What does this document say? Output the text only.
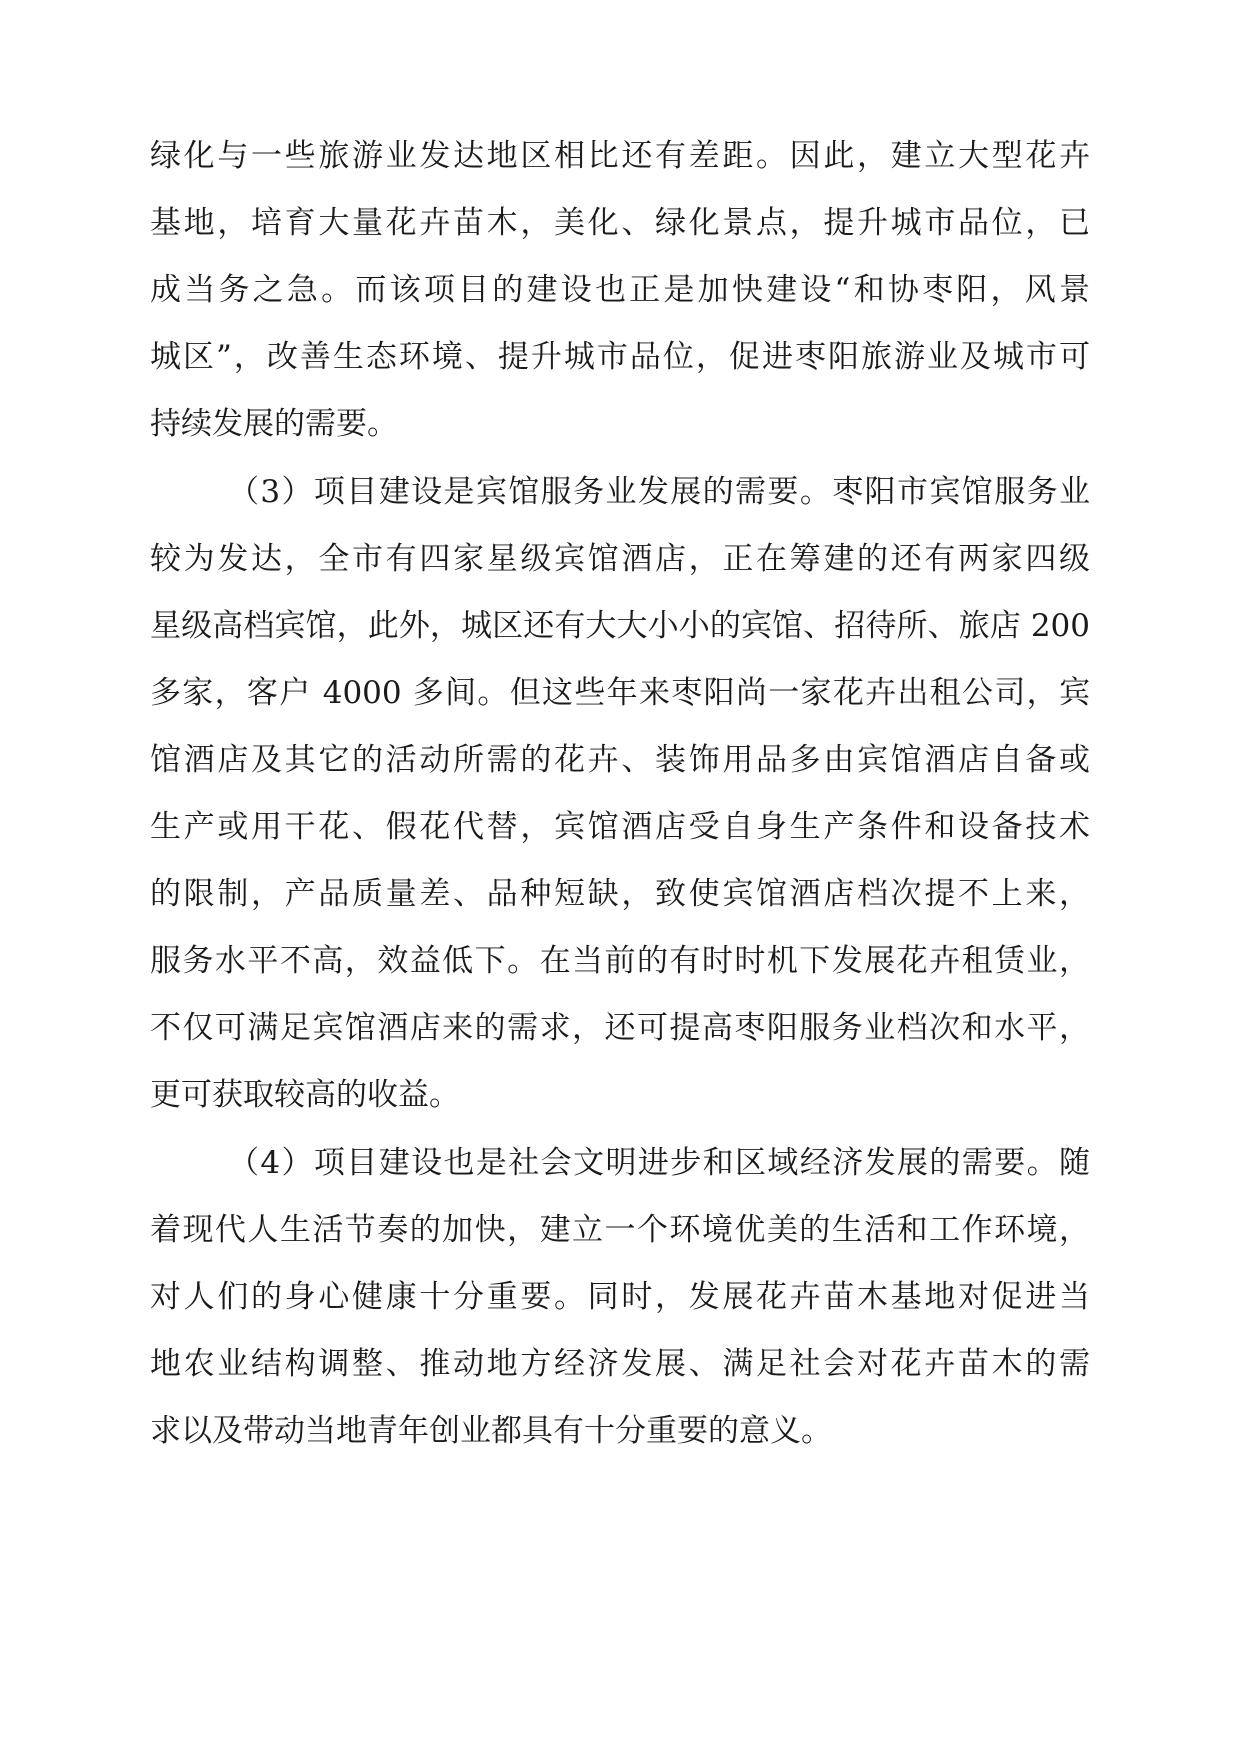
绿化与一些旅游业发达地区相比还有差距。因此，建立大型花卉
基地，培育大量花卉苗木，美化、绿化景点，提升城市品位，已
成当务之急。而该项目的建设也正是加快建设“和协枣阳，风景
城区”，改善生态环境、提升城市品位，促进枣阳旅游业及城市可
持续发展的需要。
（3）项目建设是宾馆服务业发展的需要。枣阳市宾馆服务业
较为发达，全市有四家星级宾馆酒店，正在筹建的还有两家四级
星级高档宾馆，此外，城区还有大大小小的宾馆、招待所、旅店 200
多家，客户 4000 多间。但这些年来枣阳尚一家花卉出租公司，宾
馆酒店及其它的活动所需的花卉、装饰用品多由宾馆酒店自备或
生产或用干花、假花代替，宾馆酒店受自身生产条件和设备技术
的限制，产品质量差、品种短缺，致使宾馆酒店档次提不上来，
服务水平不高，效益低下。在当前的有时时机下发展花卉租赁业，
不仅可满足宾馆酒店来的需求，还可提高枣阳服务业档次和水平，
更可获取较高的收益。
（4）项目建设也是社会文明进步和区域经济发展的需要。随
着现代人生活节奏的加快，建立一个环境优美的生活和工作环境，
对人们的身心健康十分重要。同时，发展花卉苗木基地对促进当
地农业结构调整、推动地方经济发展、满足社会对花卉苗木的需
求以及带动当地青年创业都具有十分重要的意义。
